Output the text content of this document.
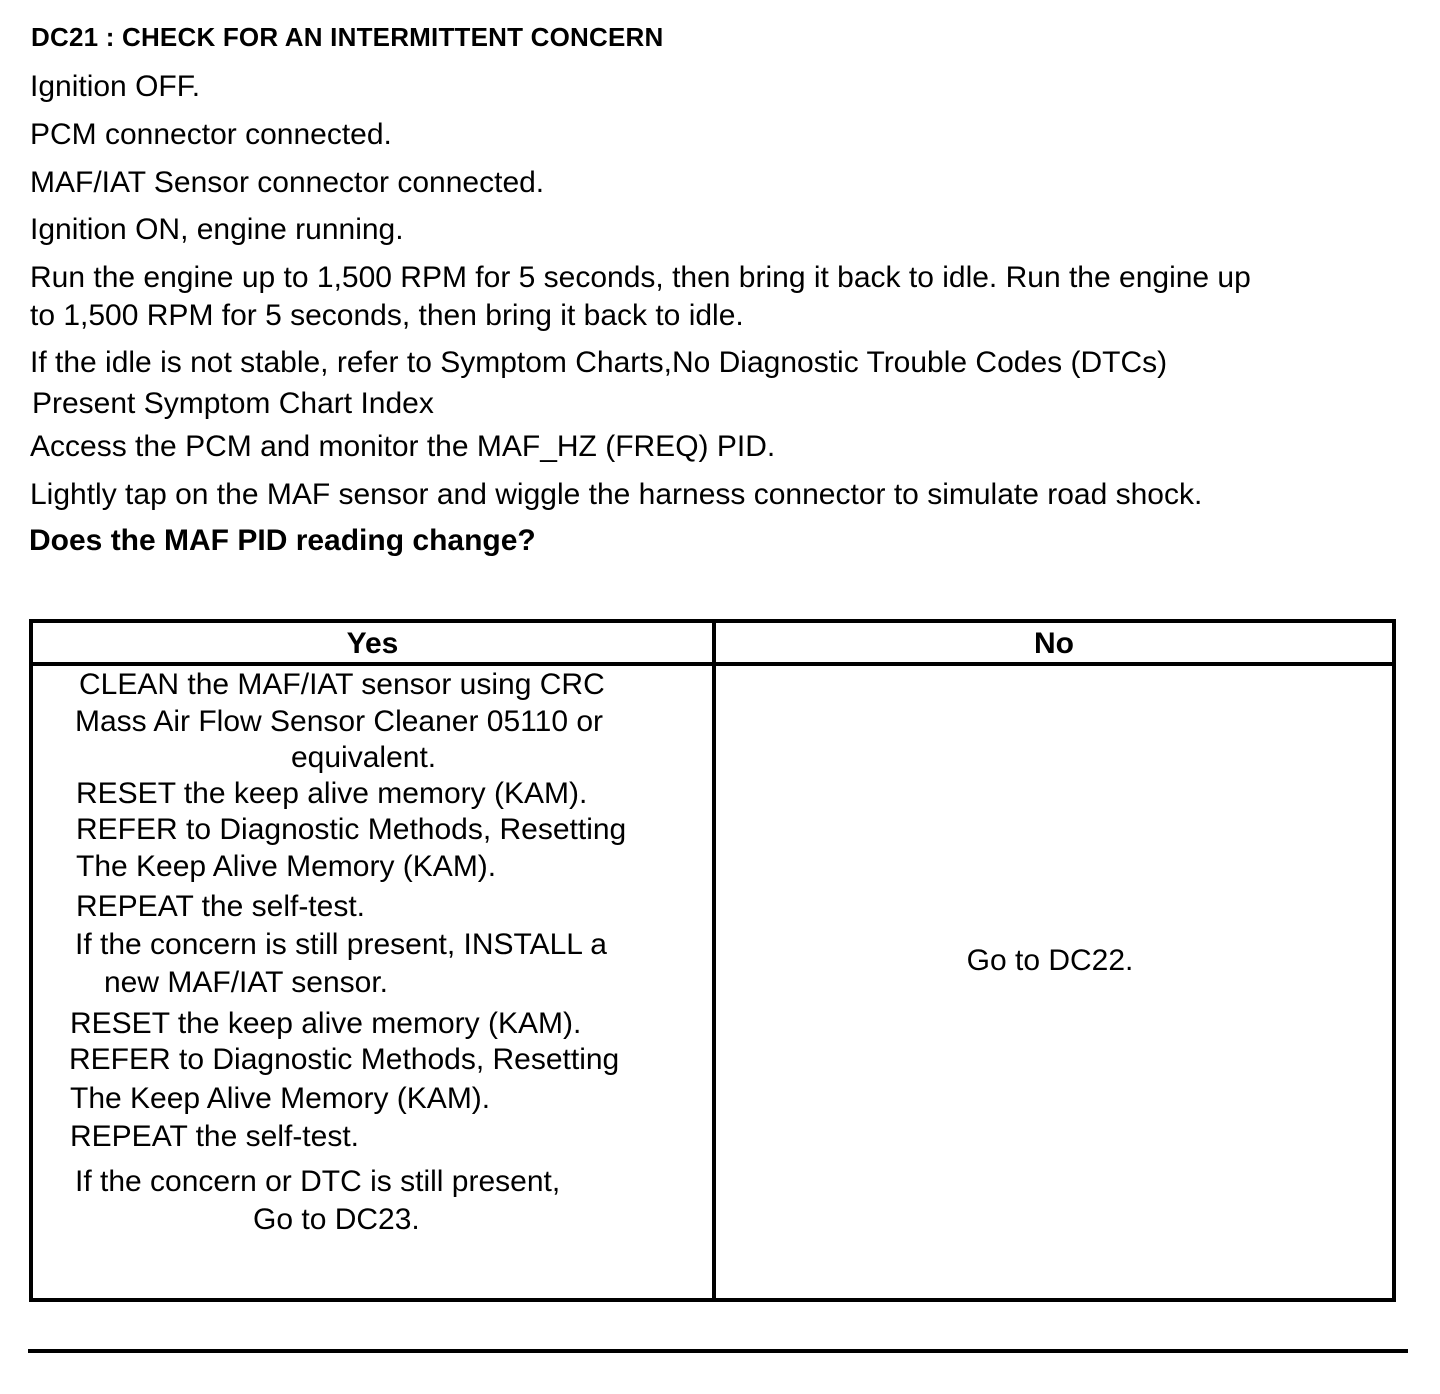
DC21 : CHECK FOR AN INTERMITTENT CONCERN

Ignition OFF.

PCM connector connected.

MAF/IAT Sensor connector connected.

Ignition ON, engine running.

Run the engine up to 1,500 RPM for 5 seconds, then bring it back to idle. Run the engine up

to 1,500 RPM for 5 seconds, then bring it back to idle.

If the idle is not stable, refer to Symptom Charts,No Diagnostic Trouble Codes (DTCs)

Present Symptom Chart Index

Access the PCM and monitor the MAF_HZ (FREQ) PID.

Lightly tap on the MAF sensor and wiggle the harness connector to simulate road shock.

Does the MAF PID reading change?

Yes	No
CLEAN the MAF/IAT sensor using CRC
Mass Air Flow Sensor Cleaner 05110 or
equivalent.
RESET the keep alive memory (KAM).
REFER to Diagnostic Methods, Resetting
The Keep Alive Memory (KAM).
REPEAT the self-test.
If the concern is still present, INSTALL a
new MAF/IAT sensor.
RESET the keep alive memory (KAM).
REFER to Diagnostic Methods, Resetting
The Keep Alive Memory (KAM).
REPEAT the self-test.
If the concern or DTC is still present,
Go to DC23.
Go to DC22.
